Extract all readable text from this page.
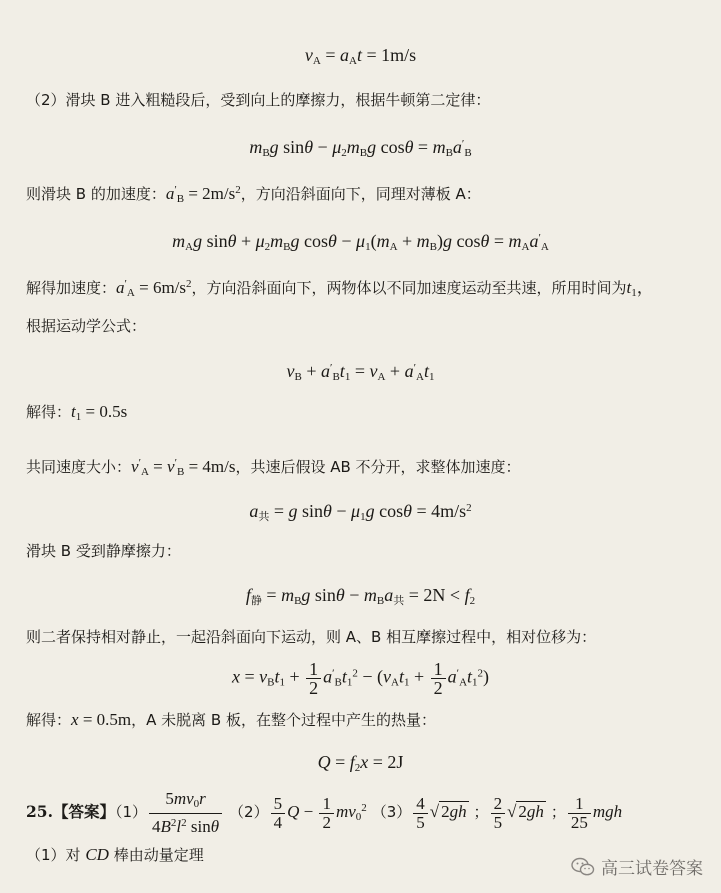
$v_A = a_At = 1m/s$
（2）滑块 B 进入粗糙段后，受到向上的摩擦力，根据牛顿第二定律：
$m_Bg$ $\sin\theta - \mu_2m_Bg$ $\cos\theta = m_Ba'_B$
则滑块 B 的加速度：$a'_B = 2m/s^2$，方向沿斜面向下，同理对薄板 A：
$m_Ag$ $\sin\theta + \mu_2m_Bg$ $\cos\theta - \mu_1(m_A + m_B)g$ $\cos\theta = m_Aa'_A$
解得加速度：$a'_A = 6m/s^2$，方向沿斜面向下，两物体以不同加速度运动至共速，所用时间为$t_1$，
根据运动学公式：
$v_B + a'_Bt_1 = v_A + a'_At_1$
解得：$t_1 = 0.5s$
共同速度大小：$v'_A = v'_B = 4m/s$，共速后假设 AB 不分开，求整体加速度：
$a_共 = g$ $\sin\theta - \mu_1g$ $\cos\theta = 4m/s^2$
滑块 B 受到静摩擦力：
$f_静 = m_Bg$ $\sin\theta - m_Ba_共 = 2N < f_2$
则二者保持相对静止，一起沿斜面向下运动，则 A、B 相互摩擦过程中，相对位移为：
$x = v_Bt_1 + \frac{1}{2} a'_Bt_1^2 - (v_At_1 + \frac{1}{2} a'_At_1^2)$
解得：x = 0.5m，A 未脱离 B 板，在整个过程中产生的热量：
$Q = f_2x = 2J$
25.【答案】$(1) \frac{5mv_0r}{4B^2l^2 \sin\theta} (2) \frac{5}{4}$ $Q - \frac{1}{2} mv_0^2$ $(3) \frac{4}{5}$ √ 2gh ； $\frac{2}{5}$ √ 2gh ； $\frac{1}{25}$ mgh
（1）对 CD 棒由动量定理
高三试卷答案
